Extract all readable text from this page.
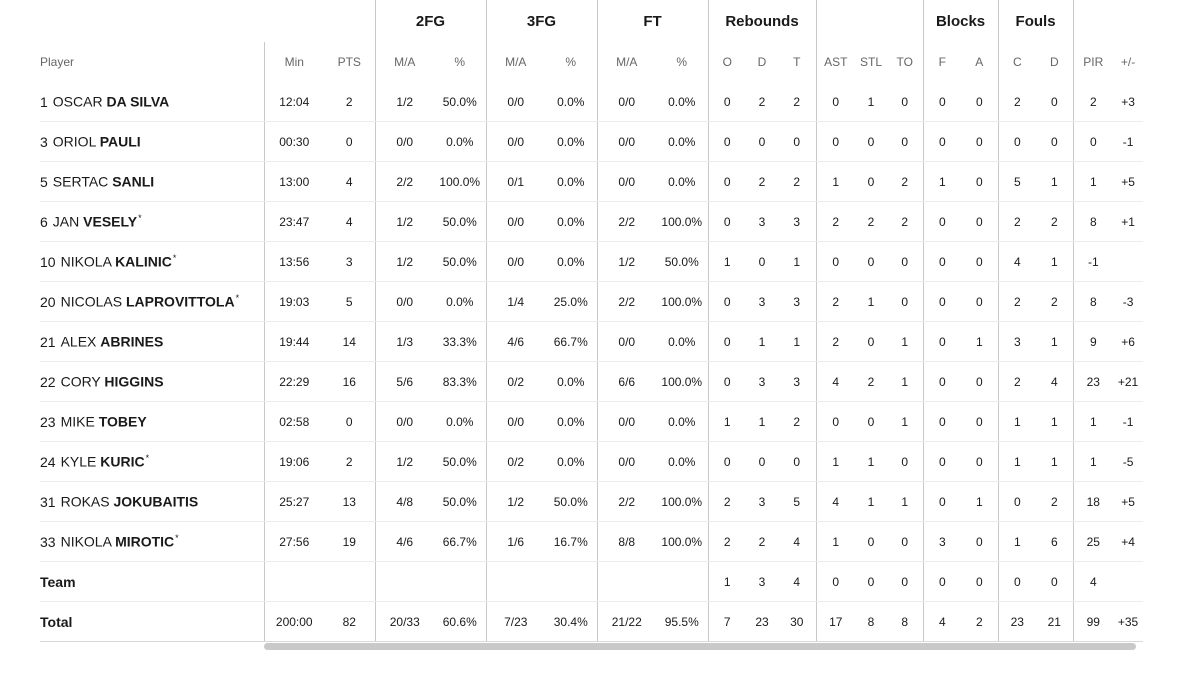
			2FG		3FG		FT		Rebounds						Blocks		Fouls			
Player	Min	PTS	M/A	%	M/A	%	M/A	%	O	D	T	AST	STL	TO	F	A	C	D	PIR	+/-
1 OSCAR DA SILVA	12:04	2	1/2	50.0%	0/0	0.0%	0/0	0.0%	0	2	2	0	1	0	0	0	2	0	2	+3
3 ORIOL PAULI	00:30	0	0/0	0.0%	0/0	0.0%	0/0	0.0%	0	0	0	0	0	0	0	0	0	0	0	-1
5 SERTAC SANLI	13:00	4	2/2	100.0%	0/1	0.0%	0/0	0.0%	0	2	2	1	0	2	1	0	5	1	1	+5
6 JAN VESELY*	23:47	4	1/2	50.0%	0/0	0.0%	2/2	100.0%	0	3	3	2	2	2	0	0	2	2	8	+1
10 NIKOLA KALINIC*	13:56	3	1/2	50.0%	0/0	0.0%	1/2	50.0%	1	0	1	0	0	0	0	0	4	1	-1	
20 NICOLAS LAPROVITTOLA*	19:03	5	0/0	0.0%	1/4	25.0%	2/2	100.0%	0	3	3	2	1	0	0	0	2	2	8	-3
21 ALEX ABRINES	19:44	14	1/3	33.3%	4/6	66.7%	0/0	0.0%	0	1	1	2	0	1	0	1	3	1	9	+6
22 CORY HIGGINS	22:29	16	5/6	83.3%	0/2	0.0%	6/6	100.0%	0	3	3	4	2	1	0	0	2	4	23	+21
23 MIKE TOBEY	02:58	0	0/0	0.0%	0/0	0.0%	0/0	0.0%	1	1	2	0	0	1	0	0	1	1	1	-1
24 KYLE KURIC*	19:06	2	1/2	50.0%	0/2	0.0%	0/0	0.0%	0	0	0	1	1	0	0	0	1	1	1	-5
31 ROKAS JOKUBAITIS	25:27	13	4/8	50.0%	1/2	50.0%	2/2	100.0%	2	3	5	4	1	1	0	1	0	2	18	+5
33 NIKOLA MIROTIC*	27:56	19	4/6	66.7%	1/6	16.7%	8/8	100.0%	2	2	4	1	0	0	3	0	1	6	25	+4
Team									1	3	4	0	0	0	0	0	0	0	4	
Total	200:00	82	20/33	60.6%	7/23	30.4%	21/22	95.5%	7	23	30	17	8	8	4	2	23	21	99	+35
